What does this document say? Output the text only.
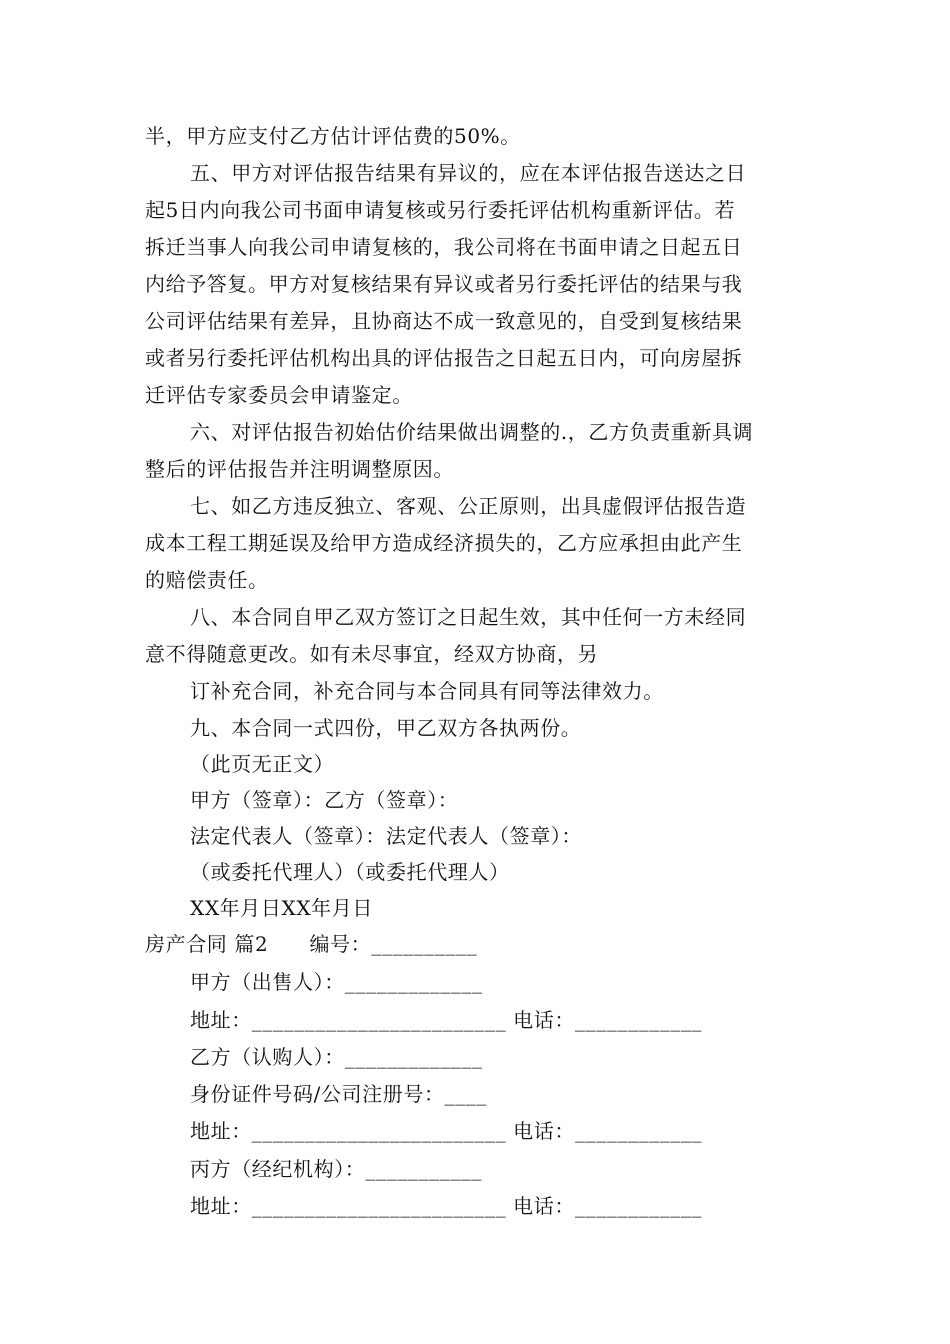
半，甲方应支付乙方估计评估费的50%。
五、甲方对评估报告结果有异议的，应在本评估报告送达之日
起5日内向我公司书面申请复核或另行委托评估机构重新评估。若
拆迁当事人向我公司申请复核的，我公司将在书面申请之日起五日
内给予答复。甲方对复核结果有异议或者另行委托评估的结果与我
公司评估结果有差异，且协商达不成一致意见的，自受到复核结果
或者另行委托评估机构出具的评估报告之日起五日内，可向房屋拆
迁评估专家委员会申请鉴定。
六、对评估报告初始估价结果做出调整的.，乙方负责重新具调
整后的评估报告并注明调整原因。
七、如乙方违反独立、客观、公正原则，出具虚假评估报告造
成本工程工期延误及给甲方造成经济损失的，乙方应承担由此产生
的赔偿责任。
八、本合同自甲乙双方签订之日起生效，其中任何一方未经同
意不得随意更改。如有未尽事宜，经双方协商，另
订补充合同，补充合同与本合同具有同等法律效力。
九、本合同一式四份，甲乙双方各执两份。
（此页无正文）
甲方（签章）：乙方（签章）：
法定代表人（签章）：法定代表人（签章）：
（或委托代理人）（或委托代理人）
XX年月日XX年月日
房产合同 篇2　　编号：__________
甲方（出售人）：_____________
地址：________________________ 电话：____________
乙方（认购人）：_____________
身份证件号码/公司注册号：____
地址：________________________ 电话：____________
丙方（经纪机构）：___________
地址：________________________ 电话：____________
